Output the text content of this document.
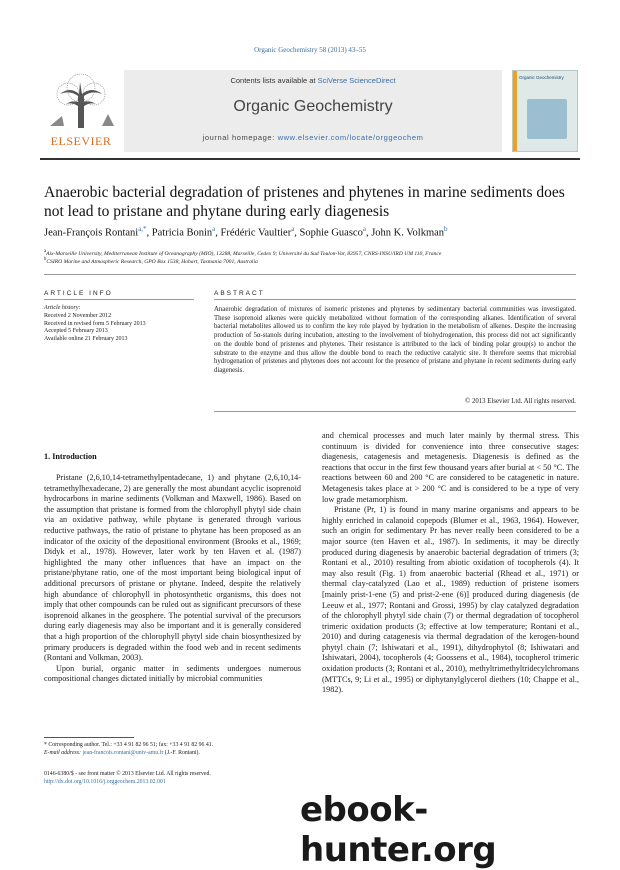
Organic Geochemistry 58 (2013) 43–55
ELSEVIER
Contents lists available at SciVerse ScienceDirect
Organic Geochemistry
journal homepage: www.elsevier.com/locate/orggeochem
Organic Geochemistry
Anaerobic bacterial degradation of pristenes and phytenes in marine sediments does not lead to pristane and phytane during early diagenesis
Jean-François Rontani$^{a,*}$, Patricia Bonin$^a$, Frédéric Vaultier$^a$, Sophie Guasco$^a$, John K. Volkman$^b$
$^a$Aix-Marseille University, Mediterranean Institute of Oceanography (MIO), 13288, Marseille, Cedex 9; Université du Sud Toulon-Var, 83957, CNRS-INSU/IRD UM 110, France
$^b$CSIRO Marine and Atmospheric Research, GPO Box 1538, Hobart, Tasmania 7001, Australia
ARTICLE INFO
Article history:
Received 2 November 2012
Received in revised form 5 February 2013
Accepted 5 February 2013
Available online 21 February 2013
ABSTRACT
Anaerobic degradation of mixtures of isomeric pristenes and phytenes by sedimentary bacterial communities was investigated. These isoprenoid alkenes were quickly metabolized without formation of the corresponding alkanes. Identification of several bacterial metabolites allowed us to confirm the key role played by hydration in the metabolism of alkenes. Despite the increasing production of 5α-stanols during incubation, attesting to the involvement of biohydrogenation, this process did not act significantly on the double bond of pristenes and phytenes. Their resistance is attributed to the lack of binding polar group(s) to anchor the substrate to the enzyme and thus allow the double bond to reach the reductive catalytic site. It therefore seems that microbial hydrogenation of pristenes and phytenes does not account for the presence of pristane and phytane in recent sediments during early diagenesis.
© 2013 Elsevier Ltd. All rights reserved.
1. Introduction

Pristane (2,6,10,14-tetramethylpentadecane, 1) and phytane (2,6,10,14-tetramethylhexadecane, 2) are generally the most abundant acyclic isoprenoid hydrocarbons in marine sediments (Volkman and Maxwell, 1986). Based on the assumption that pristane is formed from the chlorophyll phytyl side chain via an oxidative pathway, while phytane is generated through various reductive pathways, the ratio of pristane to phytane has been proposed as an indicator of the oxicity of the depositional environment (Brooks et al., 1969; Didyk et al., 1978). However, later work by ten Haven et al. (1987) highlighted the many other influences that have an impact on the pristane/phytane ratio, one of the most important being biological input of additional precursors of pristane or phytane. Indeed, despite the relatively high abundance of chlorophyll in photosynthetic organisms, this does not imply that other compounds can be ruled out as significant precursors of these isoprenoid alkanes in the geosphere. The potential survival of the precursors during early diagenesis may also be important and it is generally considered that a high proportion of the chlorophyll phytyl side chain biosynthesized by primary producers is degraded within the food web and in recent sediments (Rontani and Volkman, 2003).

Upon burial, organic matter in sediments undergoes numerous compositional changes dictated initially by microbial communities

and chemical processes and much later mainly by thermal stress. This continuum is divided for convenience into three consecutive stages: diagenesis, catagenesis and metagenesis. Diagenesis is defined as the reactions that occur in the first few thousand years after burial at < 50 °C. The reactions between 60 and 200 °C are considered to be catagenetic in nature. Metagenesis takes place at > 200 °C and is considered to be a type of very low grade metamorphism.

Pristane (Pr, 1) is found in many marine organisms and appears to be highly enriched in calanoid copepods (Blumer et al., 1963, 1964). However, such an origin for sedimentary Pr has never really been considered to be a major source (ten Haven et al., 1987). In sediments, it may be directly produced during diagenesis by anaerobic bacterial degradation of trimers (3; Rontani et al., 2010) resulting from abiotic oxidation of tocopherols (4). It may also result (Fig. 1) from anaerobic bacterial (Rhead et al., 1971) or thermal clay-catalyzed (Lao et al., 1989) reduction of pristene isomers [mainly prist-1-ene (5) and prist-2-ene (6)] produced during diagenesis (de Leeuw et al., 1977; Rontani and Grossi, 1995) by clay catalyzed degradation of the chlorophyll phytyl side chain (7) or thermal degradation of tocopherol trimeric oxidation products (3; effective at low temperature; Rontani et al., 2010) and during catagenesis via thermal degradation of the kerogen-bound phytyl chain (7; Ishiwatari et al., 1991), dihydrophytol (8; Ishiwatari and Ishiwatari, 2004), tocopherols (4; Goossens et al., 1984), tocopherol trimeric oxidation products (3; Rontani et al., 2010), methyltrimethyltridecylchromans (MTTCs, 9; Li et al., 1995) or diphytanylglycerol diethers (10; Chappe et al., 1982).

* Corresponding author. Tel.: +33 4 91 82 96 51; fax: +33 4 91 82 96 41.
E-mail address: jean-francois.rontani@univ-amu.fr (J.-F. Rontani).
0146-6380/$ - see front matter © 2013 Elsevier Ltd. All rights reserved.
http://dx.doi.org/10.1016/j.orggeochem.2013.02.001
ebook-hunter.org
